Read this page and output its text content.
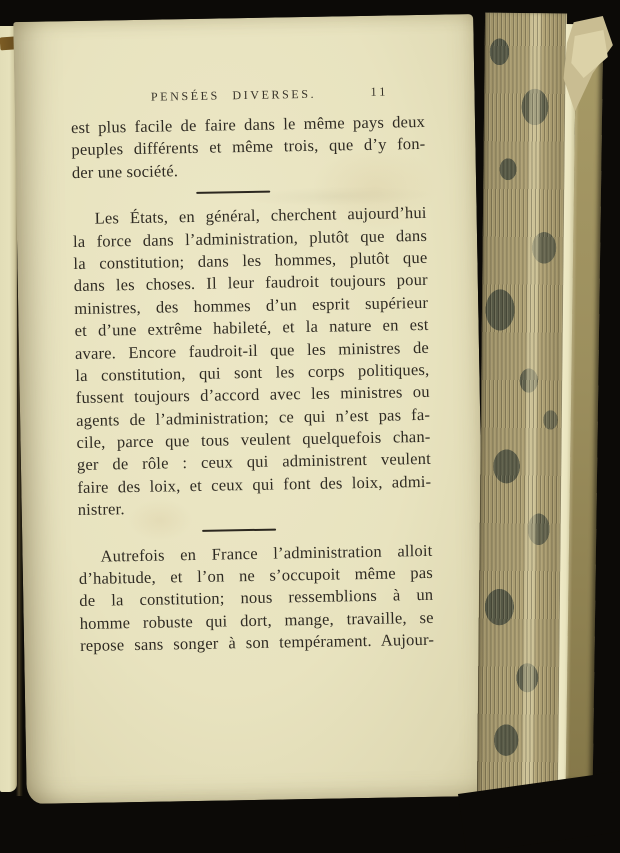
PENSÉES DIVERSES.	11
est plus facile de faire dans le même pays deux
peuples différents et même trois, que d’y fon-
der une société.
Les États, en général, cherchent aujourd’hui
la force dans l’administration, plutôt que dans
la constitution; dans les hommes, plutôt que
dans les choses. Il leur faudroit toujours pour
ministres, des hommes d’un esprit supérieur
et d’une extrême habileté, et la nature en est
avare. Encore faudroit-il que les ministres de
la constitution, qui sont les corps politiques,
fussent toujours d’accord avec les ministres ou
agents de l’administration; ce qui n’est pas fa-
cile, parce que tous veulent quelquefois chan-
ger de rôle : ceux qui administrent veulent
faire des loix, et ceux qui font des loix, admi-
nistrer.
Autrefois en France l’administration alloit
d’habitude, et l’on ne s’occupoit même pas
de la constitution; nous ressemblions à un
homme robuste qui dort, mange, travaille, se
repose sans songer à son tempérament. Aujour-
